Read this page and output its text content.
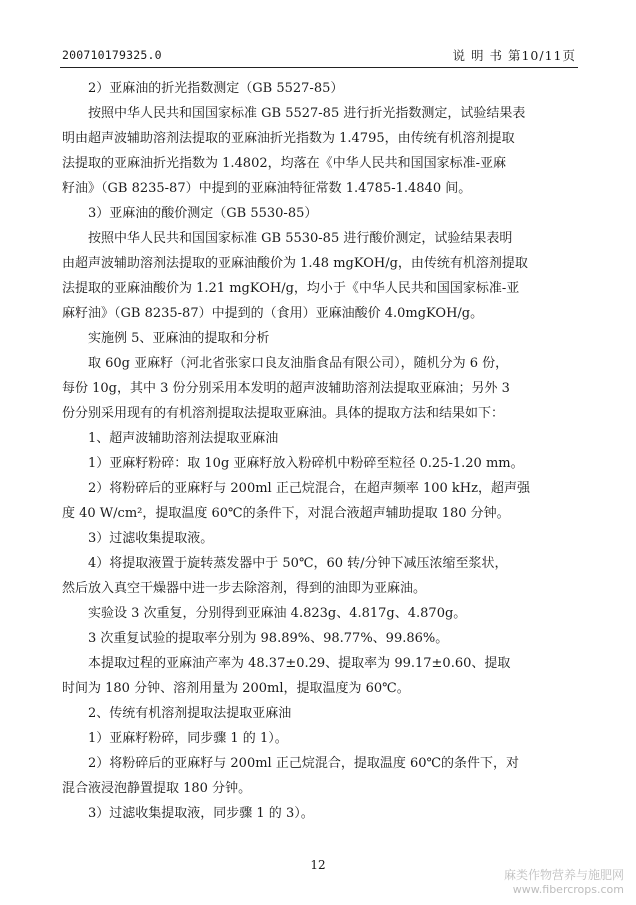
200710179325.0	说 明 书 第10/11页
2）亚麻油的折光指数测定（GB 5527-85）
按照中华人民共和国国家标准 GB 5527-85 进行折光指数测定，试验结果表
明由超声波辅助溶剂法提取的亚麻油折光指数为 1.4795，由传统有机溶剂提取
法提取的亚麻油折光指数为 1.4802，均落在《中华人民共和国国家标准-亚麻
籽油》（GB 8235-87）中提到的亚麻油特征常数 1.4785-1.4840 间。
3）亚麻油的酸价测定（GB 5530-85）
按照中华人民共和国国家标准 GB 5530-85 进行酸价测定，试验结果表明
由超声波辅助溶剂法提取的亚麻油酸价为 1.48 mgKOH/g，由传统有机溶剂提取
法提取的亚麻油酸价为 1.21 mgKOH/g，均小于《中华人民共和国国家标准-亚
麻籽油》（GB 8235-87）中提到的（食用）亚麻油酸价 4.0mgKOH/g。
实施例 5、亚麻油的提取和分析
取 60g 亚麻籽（河北省张家口良友油脂食品有限公司），随机分为 6 份，
每份 10g，其中 3 份分别采用本发明的超声波辅助溶剂法提取亚麻油；另外 3
份分别采用现有的有机溶剂提取法提取亚麻油。具体的提取方法和结果如下：
1、超声波辅助溶剂法提取亚麻油
1）亚麻籽粉碎：取 10g 亚麻籽放入粉碎机中粉碎至粒径 0.25-1.20 mm。
2）将粉碎后的亚麻籽与 200ml 正己烷混合，在超声频率 100 kHz，超声强
度 40 W/cm²，提取温度 60℃的条件下，对混合液超声辅助提取 180 分钟。
3）过滤收集提取液。
4）将提取液置于旋转蒸发器中于 50℃，60 转/分钟下减压浓缩至浆状，
然后放入真空干燥器中进一步去除溶剂，得到的油即为亚麻油。
实验设 3 次重复，分别得到亚麻油 4.823g、4.817g、4.870g。
3 次重复试验的提取率分别为 98.89%、98.77%、99.86%。
本提取过程的亚麻油产率为 48.37±0.29、提取率为 99.17±0.60、提取
时间为 180 分钟、溶剂用量为 200ml，提取温度为 60℃。
2、传统有机溶剂提取法提取亚麻油
1）亚麻籽粉碎，同步骤 1 的 1）。
2）将粉碎后的亚麻籽与 200ml 正己烷混合，提取温度 60℃的条件下，对
混合液浸泡静置提取 180 分钟。
3）过滤收集提取液，同步骤 1 的 3）。
12
麻类作物营养与施肥网
www.fibercrops.com
